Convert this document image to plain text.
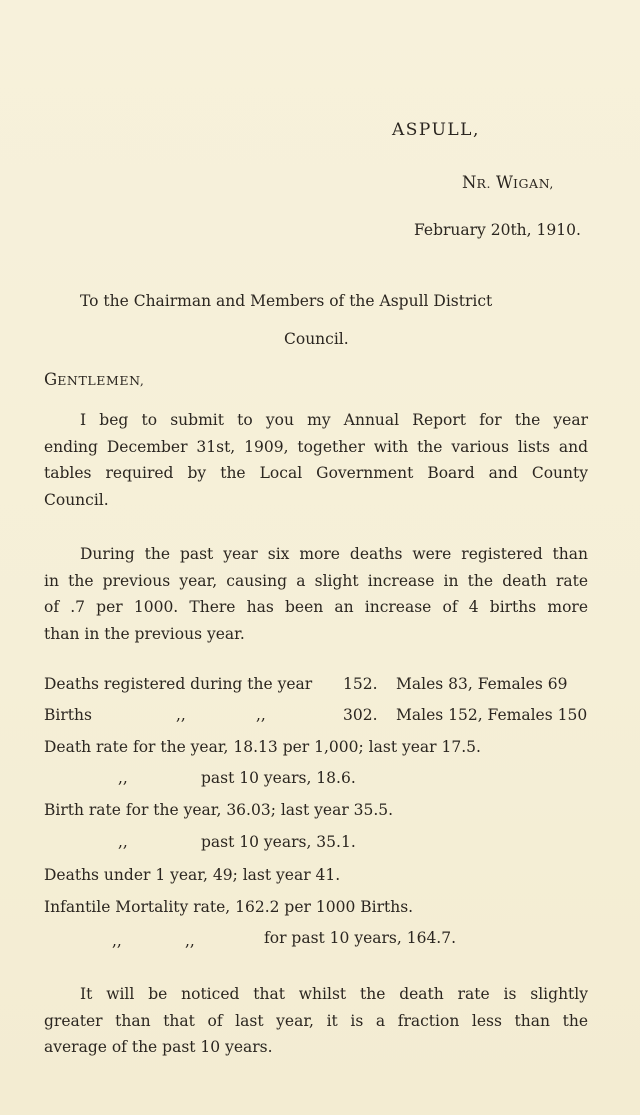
ASPULL,
NR. WIGAN,
February 20th, 1910.
To the Chairman and Members of the Aspull District
Council.
GENTLEMEN,
I beg to submit to you my Annual Report for the year
ending December 31st, 1909, together with the various lists and
tables required by the Local Government Board and County
Council.
During the past year six more deaths were registered than
in the previous year, causing a slight increase in the death rate
of .7 per 1000. There has been an increase of 4 births more
than in the previous year.
Deaths registered during the year 152. Males 83, Females 69
Births	,,	,,	302. Males 152, Females 150
Death rate for the year, 18.13 per 1,000; last year 17.5.
,,	past 10 years, 18.6.
Birth rate for the year, 36.03; last year 35.5.
,,	past 10 years, 35.1.
Deaths under 1 year, 49; last year 41.
Infantile Mortality rate, 162.2 per 1000 Births.
,,	,,	for past 10 years, 164.7.
It will be noticed that whilst the death rate is slightly
greater than that of last year, it is a fraction less than the
average of the past 10 years.
